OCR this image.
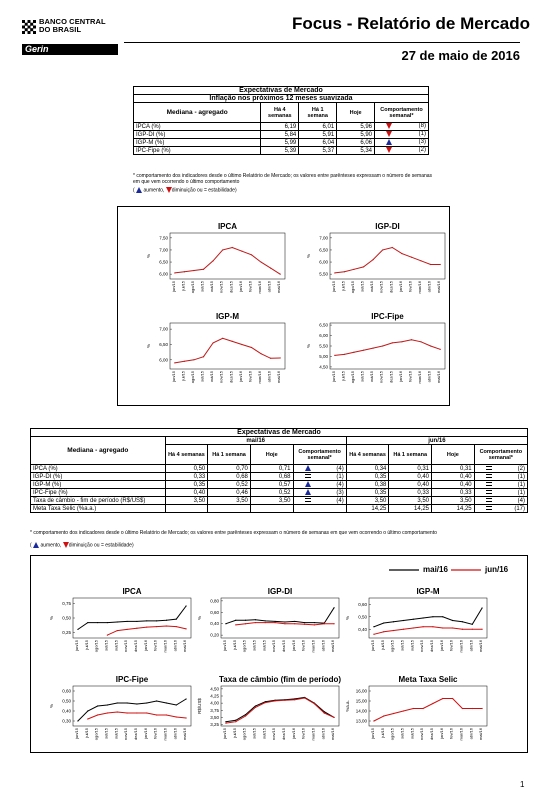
BANCO CENTRAL
DO BRASIL
Gerin
Focus - Relatório de Mercado
27 de maio de 2016
Expectativas de Mercado				
Inflação nos próximos 12 meses suavizada				
Mediana - agregado	Há 4 semanas	Há 1 semana	Hoje	Comportamento semanal*
IPCA (%)	6,19	6,01	5,96	(8)

IGP-DI (%)	5,84	5,91	5,90	(1)

IGP-M (%)	5,99	6,04	6,06	(3)

IPC-Fipe (%)	5,39	5,37	5,34	(2)
* comportamento dos indicadores desde o último Relatório de Mercado; os valores entre parênteses expressam o número de semanas em que vem ocorrendo o último comportamento
(  aumento, diminuição ou = estabilidade)
IPCA
%
7,50
7,00
6,50
6,00
jun/15 jul/15 ago/15 set/15 out/15 nov/15 dez/15 jan/16 fev/16 mar/16 abr/16 mai/16
IGP-DI
%
7,00
6,50
6,00
5,50
jun/15 jul/15 ago/15 set/15 out/15 nov/15 dez/15 jan/16 fev/16 mar/16 abr/16 mai/16
IGP-M
%
7,00
6,50
6,00
jun/15 jul/15 ago/15 set/15 out/15 nov/15 dez/15 jan/16 fev/16 mar/16 abr/16 mai/16
IPC-Fipe
%
6,50
6,00
5,50
5,00
4,50
jun/15 jul/15 ago/15 set/15 out/15 nov/15 dez/15 jan/16 fev/16 mar/16 abr/16 mai/16
Expectativas de Mercado										
Mediana - agregado	mai/16					jun/16				
	Há 4 semanas	Há 1 semana	Hoje	Comportamento semanal*		Há 4 semanas	Há 1 semana	Hoje	Comportamento semanal*	
IPCA (%)	0,50	0,70	0,71		(4)	0,34	0,31	0,31		(2)
IGP-DI (%)	0,33	0,68	0,68		(1)	0,35	0,40	0,40		(1)
IGP-M (%)	0,35	0,52	0,57		(4)	0,38	0,40	0,40		(1)
IPC-Fipe (%)	0,40	0,46	0,52		(3)	0,35	0,33	0,33		(1)
Taxa de câmbio - fim de período (R$/US$)	3,50	3,50	3,50		(4)	3,50	3,50	3,50		(4)
Meta Taxa Selic (%a.a.)						14,25	14,25	14,25		(17)
* comportamento dos indicadores desde o último Relatório de Mercado; os valores entre parênteses expressam o número de semanas em que vem ocorrendo o último comportamento
(  aumento, diminuição ou = estabilidade)
mai/16	jun/16
IPCA
%
0,75
0,50
0,25
jun/15 jul/15 ago/15 set/15 out/15 nov/15 dez/15 jan/16 fev/16 mar/16 abr/16 mai/16
IGP-DI
%
0,80
0,60
0,40
0,20
jun/15 jul/15 ago/15 set/15 out/15 nov/15 dez/15 jan/16 fev/16 mar/16 abr/16 mai/16
IGP-M
%
0,60
0,50
0,40
jun/15 jul/15 ago/15 set/15 out/15 nov/15 dez/15 jan/16 fev/16 mar/16 abr/16 mai/16
IPC-Fipe
%
0,60
0,50
0,40
0,30
jun/15 jul/15 ago/15 set/15 out/15 nov/15 dez/15 jan/16 fev/16 mar/16 abr/16 mai/16
Taxa de câmbio (fim de período)
R$/US$
4,50
4,25
4,00
3,75
3,50
3,25
jun/15 jul/15 ago/15 set/15 out/15 nov/15 dez/15 jan/16 fev/16 mar/16 abr/16 mai/16
Meta Taxa Selic
%a.a.
16,00
15,00
14,00
13,00
jun/15 jul/15 ago/15 set/15 out/15 nov/15 dez/15 jan/16 fev/16 mar/16 abr/16 mai/16
1
